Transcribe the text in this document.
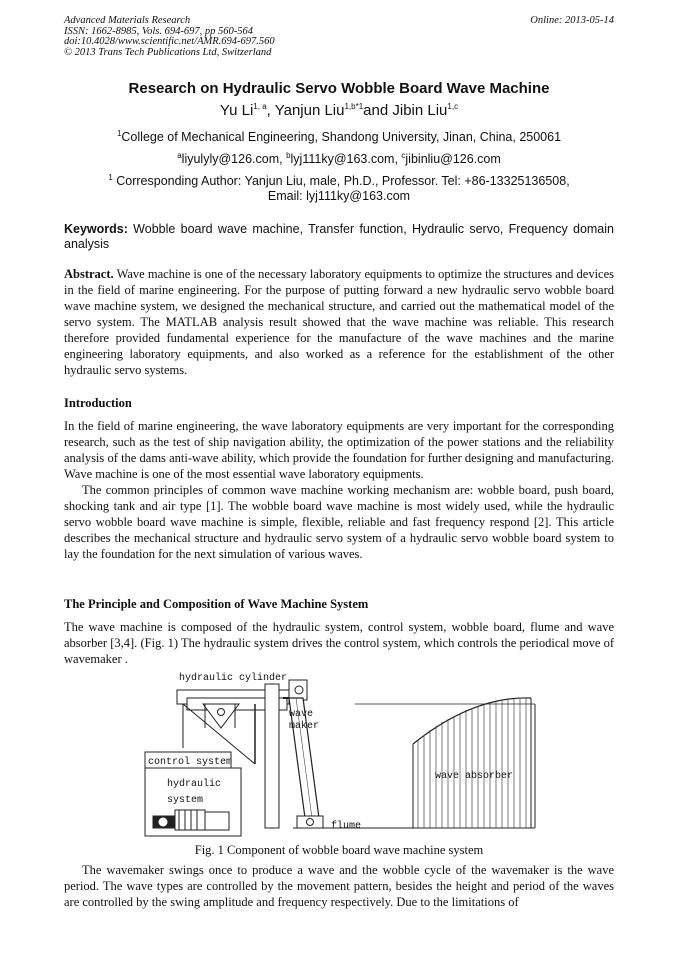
Advanced Materials Research
ISSN: 1662-8985, Vols. 694-697, pp 560-564
doi:10.4028/www.scientific.net/AMR.694-697.560
© 2013 Trans Tech Publications Ltd, Switzerland
Online: 2013-05-14
Research on Hydraulic Servo Wobble Board Wave Machine
Yu Li$^{1, a}$, Yanjun Liu$^{1,b*1}$and Jibin Liu$^{1,c}$
$^1$College of Mechanical Engineering, Shandong University, Jinan, China, 250061
$^a$liyulyly@126.com, $^b$lyj111ky@163.com, $^c$jibinliu@126.com
$^1$ Corresponding Author: Yanjun Liu, male, Ph.D., Professor. Tel: +86-13325136508,
Email: lyj111ky@163.com
Keywords: Wobble board wave machine, Transfer function, Hydraulic servo, Frequency domain analysis
Abstract. Wave machine is one of the necessary laboratory equipments to optimize the structures and devices in the field of marine engineering. For the purpose of putting forward a new hydraulic servo wobble board wave machine system, we designed the mechanical structure, and carried out the mathematical model of the servo system. The MATLAB analysis result showed that the wave machine was reliable. This research therefore provided fundamental experience for the manufacture of the wave machines and the marine engineering laboratory equipments, and also worked as a reference for the establishment of the other hydraulic servo systems.
Introduction

In the field of marine engineering, the wave laboratory equipments are very important for the corresponding research, such as the test of ship navigation ability, the optimization of the power stations and the reliability analysis of the dams anti-wave ability, which provide the foundation for further designing and manufacturing. Wave machine is one of the most essential wave laboratory equipments.

The common principles of common wave machine working mechanism are: wobble board, push board, shocking tank and air type [1]. The wobble board wave machine is most widely used, while the hydraulic servo wobble board wave machine is simple, flexible, reliable and fast frequency respond [2]. This article describes the mechanical structure and hydraulic servo system of a hydraulic servo wobble board system to lay the foundation for the next simulation of various waves.

The Principle and Composition of Wave Machine System
The wave machine is composed of the hydraulic system, control system, wobble board, flume and wave absorber [3,4]. (Fig. 1) The hydraulic system drives the control system, which controls the periodical move of wavemaker .
hydraulic cylinder
wave
maker
control system
hydraulic
system
wave absorber
flume
Fig. 1 Component of wobble board wave machine system
The wavemaker swings once to produce a wave and the wobble cycle of the wavemaker is the wave period. The wave types are controlled by the movement pattern, besides the height and period of the waves are controlled by the swing amplitude and frequency respectively. Due to the limitations of
